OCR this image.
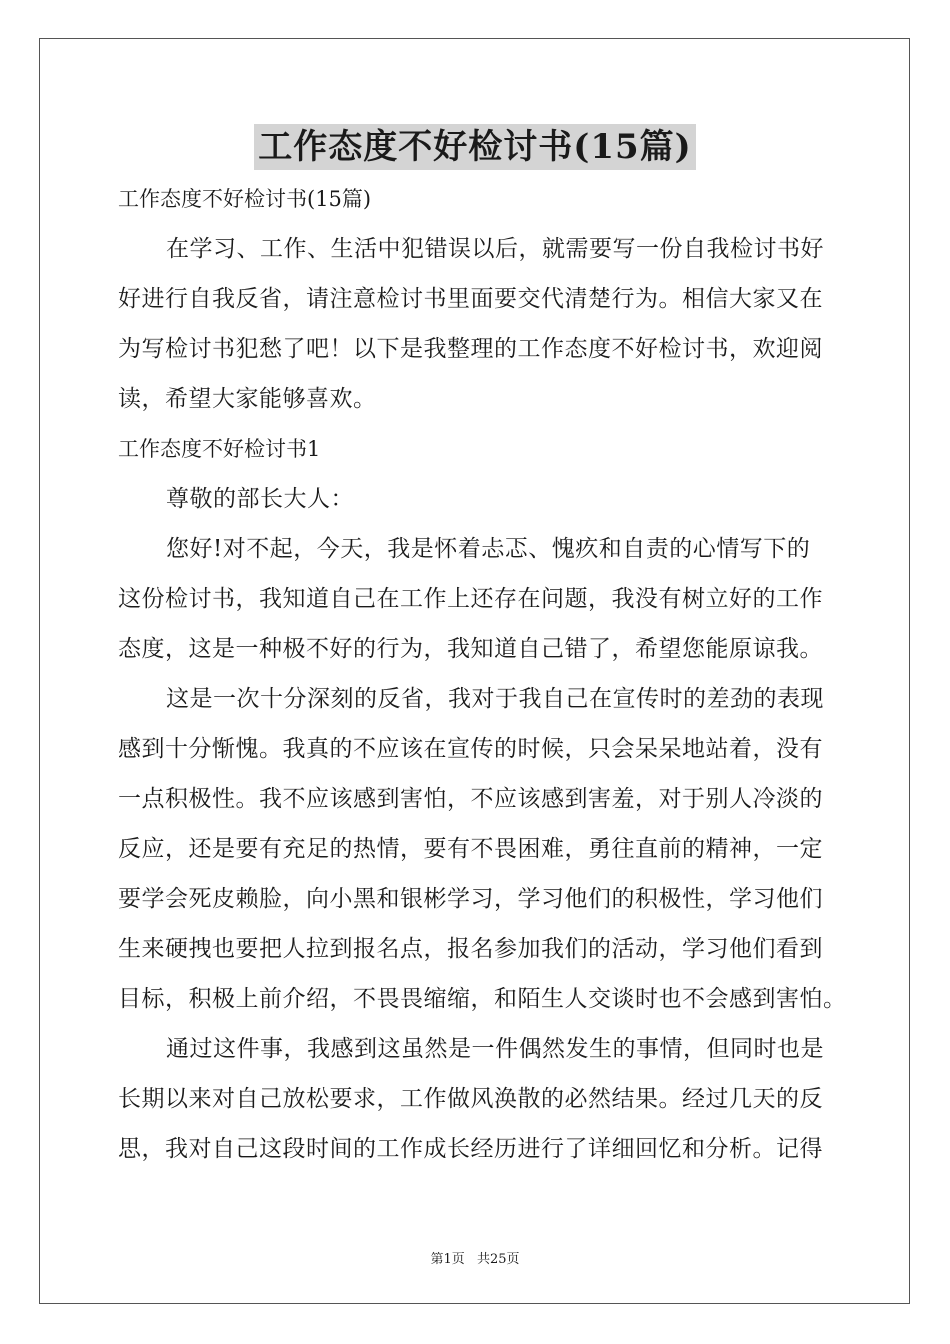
工作态度不好检讨书(15篇)
工作态度不好检讨书(15篇)
在学习、工作、生活中犯错误以后，就需要写一份自我检讨书好
好进行自我反省，请注意检讨书里面要交代清楚行为。相信大家又在
为写检讨书犯愁了吧！以下是我整理的工作态度不好检讨书，欢迎阅
读，希望大家能够喜欢。
工作态度不好检讨书1
尊敬的部长大人：
您好!对不起，今天，我是怀着忐忑、愧疚和自责的心情写下的
这份检讨书，我知道自己在工作上还存在问题，我没有树立好的工作
态度，这是一种极不好的行为，我知道自己错了，希望您能原谅我。
这是一次十分深刻的反省，我对于我自己在宣传时的差劲的表现
感到十分惭愧。我真的不应该在宣传的时候，只会呆呆地站着，没有
一点积极性。我不应该感到害怕，不应该感到害羞，对于别人冷淡的
反应，还是要有充足的热情，要有不畏困难，勇往直前的精神，一定
要学会死皮赖脸，向小黑和银彬学习，学习他们的积极性，学习他们
生来硬拽也要把人拉到报名点，报名参加我们的活动，学习他们看到
目标，积极上前介绍，不畏畏缩缩，和陌生人交谈时也不会感到害怕。
通过这件事，我感到这虽然是一件偶然发生的事情，但同时也是
长期以来对自己放松要求，工作做风涣散的必然结果。经过几天的反
思，我对自己这段时间的工作成长经历进行了详细回忆和分析。记得
第1页 共25页
